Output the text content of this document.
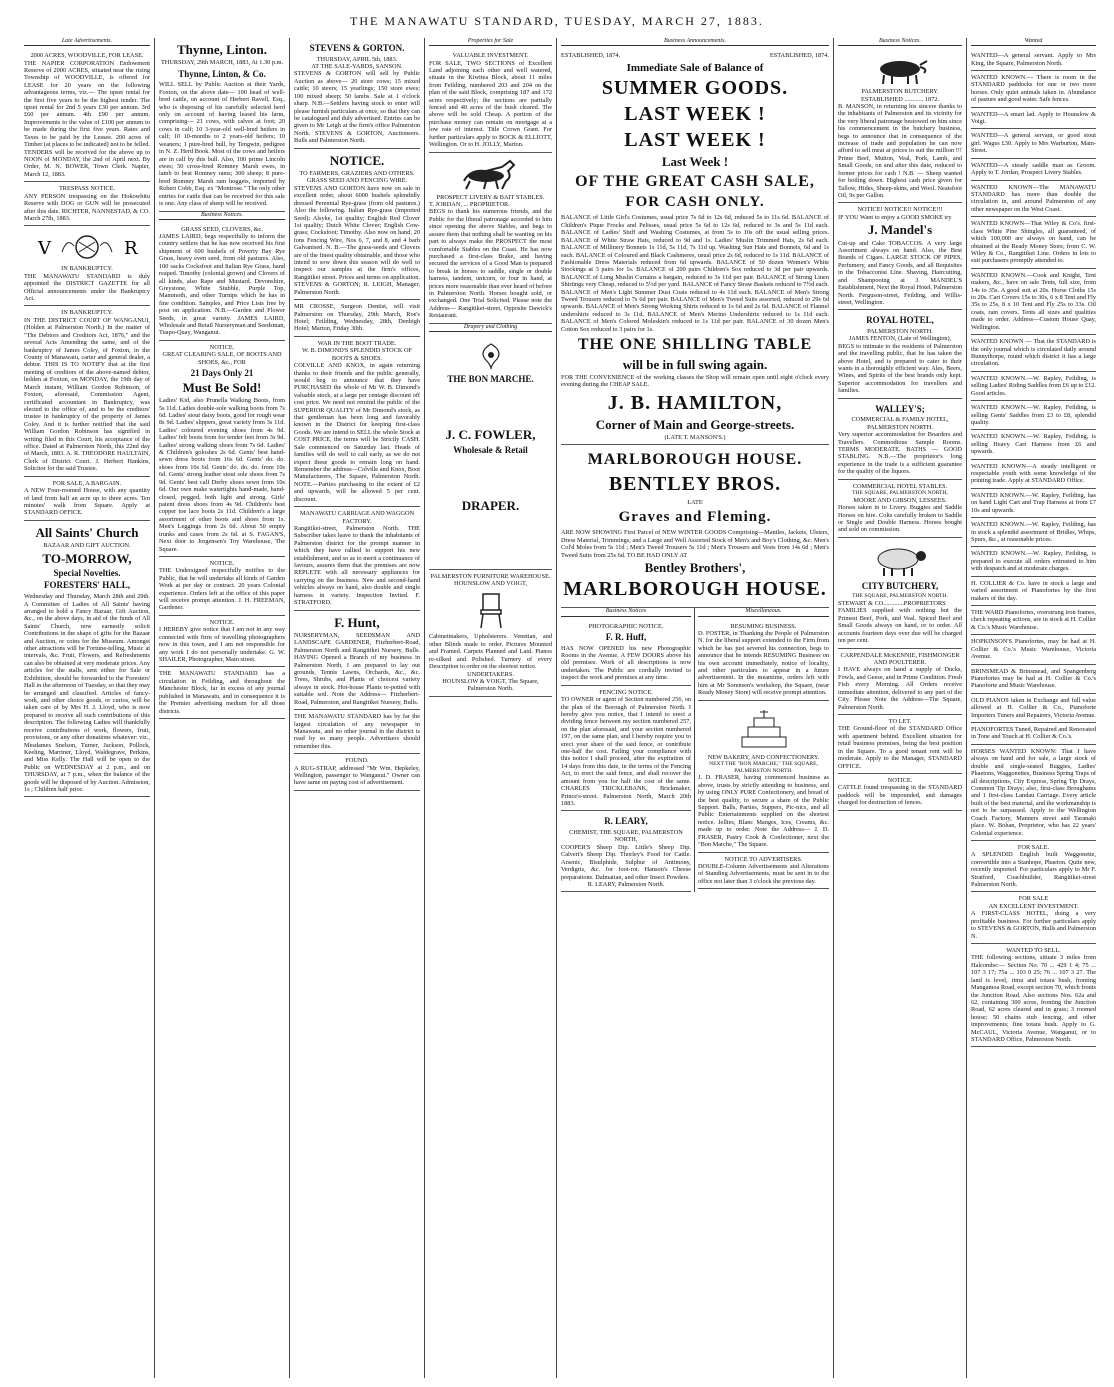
THE MANAWATU STANDARD, TUESDAY, MARCH 27, 1883.
Late Advertisements.
2000 ACRES, WOODVILLE, FOR LEASE.
THE NAPIER CORPORATION Endowment Reserve of 2000 ACRES, situated near the rising Township of WOODVILLE, is offered for LEASE for 20 years on the following advantageous terms, viz.— The upset rental for the first five years to be the highest tender. The upset rental for 2nd 5 years £30 per annum. 3rd £60 per annum. 4th £90 per annum. Improvements to the value of £100 per annum to be made during the first five years. Rates and Taxes to be paid by the Lessee. 200 acres of Timber (at places to be indicated) not to be felled. TENDERS will be received for the above up to NOON of MONDAY, the 2nd of April next. By Order, M. N. BOWER, Town Clerk. Napier, March 12, 1883.
TRESPASS NOTICE.
ANY PERSON trespassing on the Hokowhitu Reserve with DOG or GUN will be prosecuted after this date. RICHTER, NANNESTAD, & CO. March 27th, 1883.
V	R
IN BANKRUPTCY.
THE MANAWATU STANDARD is duly appointed the DISTRICT GAZETTE for all Official announcements under the Bankruptcy Act.
IN BANKRUPTCY.
IN THE DISTRICT COURT OF WANGANUI, (Holden at Palmerston North.) In the matter of "The Debtors and Creditors Act, 1876," and the several Acts Amending the same, and of the bankruptcy of James Coley, of Foxton, in the County of Manawatu, carter and general dealer, a debtor. THIS IS TO NOTIFY that at the first meeting of creditors of the above-named debtor, holden at Foxton, on MONDAY, the 19th day of March instant, William Gordon Robinson, of Foxton, aforesaid, Commission Agent, certificated accountant in Bankruptcy, was elected to the office of, and to be the creditors' trustee in bankruptcy of the property of James Coley. And it is further notified that the said William Gordon Robinson has signified in writing filed in this Court, his acceptance of the office. Dated at Palmerston North, this 22nd day of March, 1883. A. R. THEODORE HAULTAIN, Clerk of District Court. J. Herbert Hankins, Solicitor for the said Trustee.
FOR SALE, A BARGAIN.
A NEW Four-roomed House, with any quantity of land from half an acre up to three acres. Ten minutes' walk from Square. Apply at STANDARD OFFICE.
All Saints' Church
BAZAAR AND GIFT AUCTION.
TO-MORROW,
Special Novelties.
FORESTERS' HALL,
Wednesday and Thursday, March 28th and 29th. A Committee of Ladies of All Saints' having arranged to hold a Fancy Bazaar, Gift Auction, &c., on the above days, in aid of the funds of All Saints' Church, now earnestly solicit Contributions in the shape of gifts for the Bazaar and Auction, or coins for the Museum. Amongst other attractions will be Fortune-telling, Music at intervals, &c. Fruit, Flowers, and Refreshments can also be obtained at very moderate prices. Any articles for the stalls, sent either for Sale or Exhibition, should be forwarded to the Foresters' Hall in the afternoon of Tuesday, so that they may be arranged and classified. Articles of fancy-work, and other choice goods, or curios, will be taken care of by Mrs H. J. Lloyd, who is now prepared to receive all such contributions of this description. The following Ladies will thankfully receive contributions of work, flowers, fruit, provisions, or any other donations whatever: viz., Mesdames Snelson, Turner, Jackson, Pollock, Keeling, Marriner, Lloyd, Waldegrave, Perkins, and Miss Kelly. The Hall will be open to the Public on WEDNESDAY at 2 p.m., and on THURSDAY, at 7 p.m., when the balance of the goods will be disposed of by Auction. Admission, 1s ; Children half price.
Thynne, Linton.
THURSDAY, 29th MARCH, 1883, At 1.30 p.m.
Thynne, Linton, & Co.
WILL SELL by Public Auction at their Yards, Foxton, on the above date— 100 head of well-bred cattle, on account of Herbert Ravell, Esq., who is disposing of his carefully selected herd only on account of having leased his farm, comprising— 21 cows, with calves at foot; 20 cows in calf; 10 3-year-old well-bred heifers in calf; 10 10-months to 2 years-old heifers; 10 weaners; 1 pure-bred bull, by Tengwin, pedigree in N. Z. Herd Book. Most of the cows and heifers are in calf by this bull. Also, 100 prime Lincoln ewes; 50 cross-bred Romney Marsh ewes, in lamb to best Romney rams; 300 sheep; 8 pure-bred Romney Marsh ram hoggets, imported by Robert Cobb, Esq. ex "Montrose." The only other entries for cattle that can be received for this sale is one. Any class of sheep will be received.
Business Notices.
GRASS SEED, CLOVERS, &c.
JAMES LAIRD, begs respectfully to inform the country settlers that he has now received his first shipment of 600 bushels of Poverty Bay Rye Grass, heavy even seed, from old pastures. Also, 100 sacks Cocksfoot and Italian Rye Grass, hand reaped. Timothy (colonial grown) and Clovers of all kinds, also Rape and Mustard. Devonshire, Greystone, White Stubble, Purple Top, Mammoth, and other Turnips which he has in fine condition. Samples, and Price Lists free by post on application. N.B.—Garden and Flower Seeds, in great variety. JAMES LAIRD, Wholesale and Retail Nurseryman and Seedsman, Tuapo-Quay, Wanganui.
NOTICE.
GREAT CLEARING SALE, OF BOOTS AND SHOES, &c., FOR
21 Days Only 21
Must Be Sold!
Ladies' Kid, also Prunella Walking Boots, from 5s 11d. Ladies double-sole walking boots from 7s 6d. Ladies' stout daisy boots, good for rough wear 8s 9d. Ladies' slippers, great variety from 3s 11d. Ladies' coloured evening shoes from 4s 9d. Ladies' felt boots from for tender feet from 3s 9d. Ladies' strong walking shoes from 7s 6d. Ladies' & Children's goloshes 2s 6d. Gents' best hand-sewn dress boots from 16s 6d. Gents' do. do. shoes from 10s 6d. Gents' do. do. do. from 10s 6d. Gents' strong leather stout sole shoes from 7s 9d. Gents' best calf Derby shoes sewn from 10s 6d. Our own make watertights hand-made, hand-closed, pegged, both light and strong. Girls' patent dress shoes from 4s 9d. Children's best copper toe lace boots 2s 11d. Children's a large assortment of other boots and shoes from 1s. Men's Leggings from 2s 6d. About 50 empty trunks and cases from 2s 6d. at S. FAGAN'S, Next door to Jorgensen's Toy Warehouse, The Square.
NOTICE.
THE Undersigned respectfully notifies to the Public, that he will undertake all kinds of Garden Work at per day or contract. 20 years Colonial experience. Orders left at the office of this paper will receive prompt attention. J. H. FREEMAN, Gardener.
NOTICE.
I HEREBY give notice that I am not in any way connected with firm of travelling photographers now in this town, and I am not responsible for any work I do not personally undertake. G. W. SHAILER, Photographer, Main street.
THE MANAWATU STANDARD has a circulation in Feilding, and throughout the Manchester Block, far in excess of any journal published in Manawatu, and in consequence it is the Premier advertising medium for all those districts.
STEVENS & GORTON.
THURSDAY, APRIL 5th, 1883.
AT THE SALE-YARDS, SANSON.
STEVENS & GORTON will sell by Public Auction as above— 20 store cows; 15 mixed cattle; 10 steers; 15 yearlings; 150 store ewes; 100 mixed sheep; 50 lambs. Sale at 1 o'clock sharp. N.B.—Settlers having stock to enter will please furnish particulars at once, so that they can be catalogued and duly advertised. Entries can be given to Mr Leigh at the firm's office Palmerston North. STEVENS & GORTON, Auctioneers. Bulls and Palmerston North.
NOTICE.
TO FARMERS, GRAZIERS AND OTHERS.
GRASS SEED AND FENCING WIRE.
STEVENS AND GORTON have now on sale in excellent order, about 6000 bushels splendidly dressed Perennial Rye-grass (from old pastures.) Also the following. Italian Rye-grass (imported Seed); Alsyke, 1st quality; English Red Clover 1st quality; Dutch White Clover; English Cow-grass; Cocksfoot; Timothy. Also now on hand, 20 tons Fencing Wire, Nos 6, 7, and 8, and 4 barb Galvanised. N. B.—The grass-seeds and Clovers are of the finest quality obtainable, and those who intend to sow down this season will do well to inspect our samples at the firm's offices, Rangitikei street. Prices and terms on application. STEVENS & GORTON; R. LEIGH, Manager, Palmerston North.
MR CROSSE, Surgeon Dentist, will visit Palmerston on Thursday, 29th March, Roe's Hotel; Feilding, Wednesday, 28th, Denbigh Hotel; Marton, Friday 30th.
WAR IN THE BOOT TRADE.
W. B. DIMOND'S SPLENDID STOCK OF BOOTS & SHOES.
COLVILLE AND KNOX, in again returning thanks to their friends and the public generally, would beg to announce that they have PURCHASED the whole of Mr W. B. Dimond's valuable stock, at a large per centage discount off cost price. We need not remind the public of the SUPERIOR QUALITY of Mr Dimond's stock, as that gentleman has been long and favorably known in the District for keeping first-class Goods. We are intend to SELL the whole Stock at COST PRICE, the terms will be Strictly CASH. Sale commenced on Saturday last. Heads of families will do well to call early, as we do not expect these goods to remain long on hand. Remember the address—Colville and Knox, Boot Manufacturers, The Square, Palmerston North. NOTE.—Parties purchasing to the extent of £2 and upwards, will be allowed 5 per cent. discount.
MANAWATU CARRIAGE AND WAGGON FACTORY.
Rangitikei-street, Palmerston North. THE Subscriber takes leave to thank the inhabitants of Palmerston district for the prompt manner in which they have rallied to support his new establishment, and so as to merit a continuance of favours, assures them that the premises are now REPLETE with all necessary appliances for carrying on the business. New and second-hand vehicles always on hand, also double and single harness in variety. Inspection Invited. F. STRATFORD.
F. Hunt,
NURSERYMAN, SEEDSMAN AND LANDSCAPE GARDENER, Fitzherbert-Road, Palmerston North and Rangitikei Nursery, Bulls. HAVING Opened a Branch of my business in Palmerston North, I am prepared to lay out grounds, Tennis Lawns, Orchards, &c., &c. Trees, Shrubs, and Plants of choicest variety always in stock. Hot-house Plants re-potted with suitable soil. Note the Address— Fitzherbert-Road, Palmerston, and Rangitikei Nursery, Bulls.
THE MANAWATU STANDARD has by far the largest circulation of any newspaper in Manawatu, and no other journal in the district is read by so many people. Advertisers should remember this.
FOUND.
A RUG-STRAP, addressed "Mr Wm. Hepkeley, Wellington, passenger to Wanganui." Owner can have same on paying cost of advertisement.
Properties for Sale
VALUABLE INVESTMENT.
FOR SALE, TWO SECTIONS of Excellent Land adjoining each other and well watered, situate in the Kiwitea Block, about 11 miles from Feilding, numbered 203 and 204 on the plan of the said Block, comprising 187 and 172 acres respectively; the sections are partially fenced and 40 acres of the bush cleared. The above will be sold Cheap. A portion of the purchase money can remain on mortgage at a low rate of interest. Title Crown Grant. For further particulars apply to BOCK & ELLIOTT, Wellington. Or to H. JOLLY, Marton.
PROSPECT LIVERY & BAIT STABLES.
T. JORDAN, ... PROPRIETOR.
BEGS to thank his numerous friends, and the Public for the liberal patronage accorded to him since opening the above Stables, and begs to assure them that nothing shall be wanting on his part to always make the PROSPECT the most comfortable Stables on the Coast. He has now purchased a first-class Brake, and having secured the services of a Good Man is prepared to break in horses to saddle, single or double harness, tandem, unicorn, or four in hand, at prices more reasonable than ever heard of before in Palmerston North. Horses bought sold, or exchanged. One Trial Solicited. Please note the Address— Rangitikei-street, Opposite Dawick's Restaurant.
Drapery and Clothing
THE BON MARCHE.
J. C. FOWLER,
Wholesale & Retail
DRAPER.
PALMERSTON FURNITURE WAREHOUSE.
HOUNSLOW AND VOIGT,
Cabinetmakers, Upholsterers. Venetian, and other Blinds made to order. Pictures Mounted and Framed. Carpets Planned and Laid. Pianos re-silked and Polished. Turnery of every Description to order on the shortest notice.
UNDERTAKERS.
HOUNSLOW & VOIGT, The Square, Palmerston North.
Business Announcements.
ESTABLISHED, 1874.	ESTABLISHED, 1874.
Immediate Sale of Balance of
SUMMER GOODS.
LAST WEEK !
LAST WEEK !
Last Week !
OF THE GREAT CASH SALE,
FOR CASH ONLY.
BALANCE of Little Girl's Costumes, usual price 7s 6d to 12s 6d, reduced 5s to 11s 6d. BALANCE of Children's Pique Frocks and Pelisses, usual price 5s 6d to 12s 6d, reduced to 3s and 5s 11d each. BALANCE of Ladies' Stuff and Washing Costumes, at from 5s to 10s off the usual selling prices. BALANCE of White Straw Hats, reduced to 9d and 1s. Ladies' Muslin Trimmed Hats, 2s 6d each. BALANCE of Millinery Bonnets 1s 11d, 5s 11d, 7s 11d up. Washing Sun Hats and Bonnets, 6d and 1s each. BALANCE of Coloured and Black Cashmeres, usual price 2s 6d, reduced to 1s 11d. BALANCE of Fashionable Dress Materials reduced from 6d upwards. BALANCE of 50 dozen Women's White Stockings at 3 pairs for 1s. BALANCE of 200 pairs Children's Sox reduced to 3d per pair upwards. BALANCE of Long Muslin Curtains a bargain, reduced to 3s 11d per pair. BALANCE of Strong Linen Shirtings very Cheap, reduced to 5½d per yard. BALANCE of Fancy Straw Baskets reduced to 7½d each. BALANCE of Men's Light Summer Dust Coats reduced to 4s 11d each. BALANCE of Men's Strong Tweed Trousers reduced to 7s 6d per pair. BALANCE of Men's Tweed Suits assorted, reduced to 29s 6d upwards. BALANCE of Men's Strong Working Shirts reduced to 1s 6d and 2s 6d. BALANCE of Flannel undershirts reduced to 3s 11d. BALANCE of Men's Merino Undershirts reduced to 1s 11d each. BALANCE of Men's Colored Moleskin's reduced to 1s 11d per pair. BALANCE of 30 dozen Men's Cotton Sox reduced to 3 pairs for 1s.
THE ONE SHILLING TABLE
will be in full swing again.
FOR THE CONVENIENCE of the working classes the Shop will remain open until eight o'clock every evening during the CHEAP SALE.
J. B. HAMILTON,
Corner of Main and George-streets.
(LATE T. MANSON'S.)
MARLBOROUGH HOUSE.
BENTLEY BROS.
LATE
Graves and Fleming.
ARE NOW SHOWING First Parcel of NEW WINTER GOODS Comprising—Mantles, Jackets, Ulsters, Dress Material, Trimmings, and a Large and Well Assorted Stock of Men's and Boy's Clothing, &c. Men's Col'd Moles from 5s 11d ; Men's Tweed Trousers 5s 11d ; Men's Trousers and Vests from 14s 6d ; Men's Tweed Suits from 25s 6d. TO BE HAD ONLY AT
Bentley Brothers',
MARLBOROUGH HOUSE.
Business Notices
PHOTOGRAPHIC NOTICE.
F. R. Huff,
HAS NOW OPENED his new Photographic Rooms in the Avenue, A FEW DOORS above his old premises. Work of all descriptions is now undertaken. The Public are cordially invited to inspect the work and premises at any time.
FENCING NOTICE.
TO OWNER or agent of Section numbered 256, on the plan of the Borough of Palmerston North. I hereby give you notice, that I intend to erect a dividing fence between my section numbered 257, on the plan aforesaid, and your section numbered 197, on the same plan, and I hereby require you to erect your share of the said fence, or contribute one-half the cost. Failing your compliance with this notice I shall proceed, after the expiration of 14 days from this date, in the terms of the Fencing Act, to erect the said fence, and shall recover the amount from you for half the cost of the same. CHARLES TRICKLEBANK, Brickmaker, Prince's-street. Palmerston North, March 20th 1883.
R. LEARY,
CHEMIST, THE SQUARE, PALMERSTON NORTH,
COOPER'S Sheep Dip. Little's Sheep Dip. Calvert's Sheep Dip. Thorley's Food for Cattle. Arsenic, Bisulphide, Sulphur of Antimony, Verdigris, &c. for foot-rot. Hanson's Cheese preparations. Dalmatian, and other Insect Powders.
R. LEARY, Palmerston North.
Miscellaneous.
RESUMING BUSINESS.
D. FOSTER, in Thanking the People of Palmerston N. for the liberal support extended to the Firm from which he has just severed his connection, begs to announce that he intends RESUMING Business on his own account immediately, notice of locality, and other particulars to appear in a future advertisement. In the meantime, orders left with him at Mr Sorensen's workshop, the Square, (near Ready Money Store) will receive prompt attention.
NEW BAKERY, AND CONFECTIONERY.
NEXT THE "BON MARCHE," THE SQUARE, PALMERSTON NORTH.
J. D. FRASER, having commenced business as above, trusts by strictly attending to business, and by using ONLY PURE Confectionery, and bread of the best quality, to secure a share of the Public Support. Balls, Parties, Suppers, Pic-nics, and all Public Entertainments supplied on the shortest notice. Jellies, Blanc Manges, Ices, Creams, &c. made up to order. Note the Address— J. D. FRASER, Pastry Cook & Confectioner, next the "Bon Marche," The Square.
NOTICE TO ADVERTISERS.
DOUBLE-Column Advertisements and Alterations of Standing Advertisements, must be sent in to the office not later than 3 o'clock the previous day.
Business Notices.
PALMERSTON BUTCHERY.
ESTABLISHED ............ 1872.
B. MANSON, in returning his sincere thanks to the inhabitants of Palmerston and its vicinity for the very liberal patronage bestowed on him since his commencement in the butchery business, begs to announce that in consequence of the increase of trade and population he can now afford to sell meat at prices to suit the million !!! Prime Beef, Mutton, Veal, Pork, Lamb, and Small Goods, on and after this date, reduced to former prices for cash ! N.B. — Sheep wanted for boiling down. Highest cash price given for Tallow, Hides, Sheep-skins, and Wool. Neatsfoot Oil, 9s per Gallon.
NOTICE! NOTICE!! NOTICE!!!
IF YOU Want to enjoy a GOOD SMOKE try
J. Mandel's
Cut-up and Cake TOBACCOS. A very large Assortment always on hand. Also, the Best Brands of Cigars. LARGE STOCK OF PIPES, Perfumery, and Fancy Goods, and all Requisites in the Tobacconist Line. Shaving, Haircutting, and Shampooing at J. MANDEL'S Establishment, Next the Royal Hotel, Palmerston North. Ferguson-street, Feilding, and Willis-street, Wellington.
ROYAL HOTEL,
PALMERSTON NORTH.
JAMES FENTON, (Late of Wellington),
BEGS to intimate to the residents of Palmerston and the travelling public, that he has taken the above Hotel, and is prepared to cater to their wants in a thoroughly efficient way. Ales, Beers, Wines, and Spirits of the best brands only kept. Superior accommodation for travellers and families.
WALLEY'S;
COMMERCIAL & FAMILY HOTEL, PALMERSTON NORTH.
Very superior accommodation for Boarders and Travellers. Commodious Sample Rooms. TERMS MODERATE. BATHS — GOOD STABLING. N.B.—The proprietor's long experience in the trade is a sufficient guarantee for the quality of the liquors.
COMMERCIAL HOTEL STABLES.
THE SQUARE, PALMERSTON NORTH,
MOORE AND GIBSON, LESSEES.
Horses taken in to Livery. Buggies and Saddle Horses on hire. Colts carefully broken to Saddle or Single and Double Harness. Horses bought and sold on commission.
CITY BUTCHERY,
THE SQUARE, PALMERSTON NORTH.
STEWART & CO.............PROPRIETORS
FAMILIES supplied with nothing but the Primest Beef, Pork, and Veal. Spiced Beef and Small Goods always on hand, or to order. All accounts fourteen days over due will be charged ten per cent.
CARPENDALE McKENNIE, FISHMONGER AND POULTERER.
I HAVE always on hand a supply of Ducks, Fowls, and Geese, and in Prime Condition. Fresh Fish every Morning. All Orders receive immediate attention, delivered to any part of the City. Please Note the Address—The Square, Palmerston North.
TO LET.
THE Ground-floor of the STANDARD Office with apartment behind. Excellent situation for retail business premises, being the best position in the Square. To a good tenant rent will be moderate. Apply to the Manager, STANDARD OFFICE.
NOTICE.
CATTLE found trespassing in the STANDARD paddock will be impounded, and damages charged for destruction of fences.
Wanted
WANTED—A general servant. Apply to Mrs King, the Square, Palmerston North.
WANTED KNOWN.— There is room in the STANDARD paddocks for one or two more horses. Only quiet animals taken in. Abundance of pasture and good water. Safe fences.
WANTED—A smart lad. Apply to Hounslow & Voigt.
WANTED—A general servant, or good stout girl. Wages £30. Apply to Mrs Warburton, Main-Street.
WANTED—A steady saddle man as Groom. Apply to T. Jordan, Prospect Livery Stables.
WANTED KNOWN—The MANAWATU STANDARD has more than double the circulation in, and around Palmerston of any other newspaper on the West Coast.
WANTED KNOWN—That Wiley & Co's. first-class White Pine Shingles, all guaranteed, of which 100,000 are always on hand, can be obtained at the Ready Money Store, from C. W. Wiley & Co., Rangitikei Line. Orders in lots to suit purchasers promptly attended to.
WANTED KNOWN.—Cook and Knight, Tent makers, &c., have on sale Tents, full size, from 14s to 35s. A good suit at 20s. Horse Cloths 15s to 20s. Cart Covers 15s to 30s, 6 x 8 Tent and Fly 35s to 25s, 8 x 10 Tent and Fly 25s to 33s. Oil coats, rain covers. Tents all sizes and qualities made to order. Address—Custom House Quay, Wellington.
WANTED KNOWN — That the STANDARD is the only journal which is circulated daily around Bunnythorpe, round which district it has a large circulation.
WANTED KNOWN.—W. Rapley, Feilding, is selling Ladies' Riding Saddles from £6 up to £12. Good articles.
WANTED KNOWN.—W. Rapley, Feilding, is selling Gents' Saddles from £3 to £8, splendid quality.
WANTED KNOWN.—W. Rapley, Feilding, is selling Heavy Cart Harness from £6 and upwards.
WANTED KNOWN—A steady intelligent or respectable youth with some knowledge of the printing trade. Apply at STANDARD Office.
WANTED KNOWN.—W. Rapley, Feilding, has on hand Light Cart and Trap Harness at from £7 10s and upwards.
WANTED KNOWN.—W. Rapley, Feilding, has in stock a splendid assortment of Bridles, Whips, Spurs, &c., at reasonable prices.
WANTED KNOWN.—W. Rapley, Feilding, is prepared to execute all orders entrusted to him with despatch and at moderate charges.
H. COLLIER & Co. have in stock a large and varied assortment of Pianofortes by the first makers of the day.
THE WARD Pianofortes, overstrung iron frames, check repeating actions, are in stock at H. Collier & Co.'s Music Warehouse.
HOPKINSON'S Pianofortes, may be had at H. Collier & Co.'s Music Warehouse, Victoria Avenue.
BRINSMEAD & Brinsmead, and Spangenberg Pianofortes may be had at H. Collier & Co.'s Pianoforte and Music Warehouse.
OLD PIANOS taken in Exchange and full value allowed at H. Collier & Co., Pianoforte Importers Tuners and Repairers, Victoria Avenue.
PIANOFORTES Tuned, Repaired and Renovated in Tone and Touch at H. Collier & Co.'s.
HORSES WANTED KNOWN: That I have always on hand and for sale, a large stock of double and single-seated Buggies, Ladies' Phaetons, Waggonettes, Business Spring Traps of all descriptions, City Express, Spring Tip Drays, Common Tip Drays; also, first-class Broughams and 1 first-class Landau Carriage. Every article built of the best material, and the workmanship is not to be surpassed. Apply to the Wellington Coach Factory, Manners street and Taranaki place. W. Bohan, Proprietor, who has 22 years' Colonial experience.
FOR SALE.
A SPLENDID English built Waggonette, convertible into a Stanhope, Phaeton. Quite new, recently imported. For particulars apply to Mr F. Stratford, Coachbuilder, Rangitikei-street Palmerston North.
FOR SALE
AN EXCELLENT INVESTMENT.
A FIRST-CLASS HOTEL, doing a very profitable business. For further particulars apply to STEVENS & GORTON, Bulls and Palmerston N.
WANTED TO SELL.
THE following sections, situate 3 miles from Halcombe:— Section No. 70 ... 429 1 4; 75 ... 107 3 17; 75a ... 103 0 25; 76 ... 107 3 27. The land is level, rimu and totara bush, fronting Mangamoa Road, except section 70, which fronts the Junction Road. Also sections Nos. 62a and 62, containing 300 acres, fronting the Junction Road, 62 acres cleared and in grass; 3 roomed house; 50 chains stub fencing, and other improvements; fine totara bush. Apply to G. McCAUL, Victoria Avenue, Wanganui, or to STANDARD Office, Palmerston North.
